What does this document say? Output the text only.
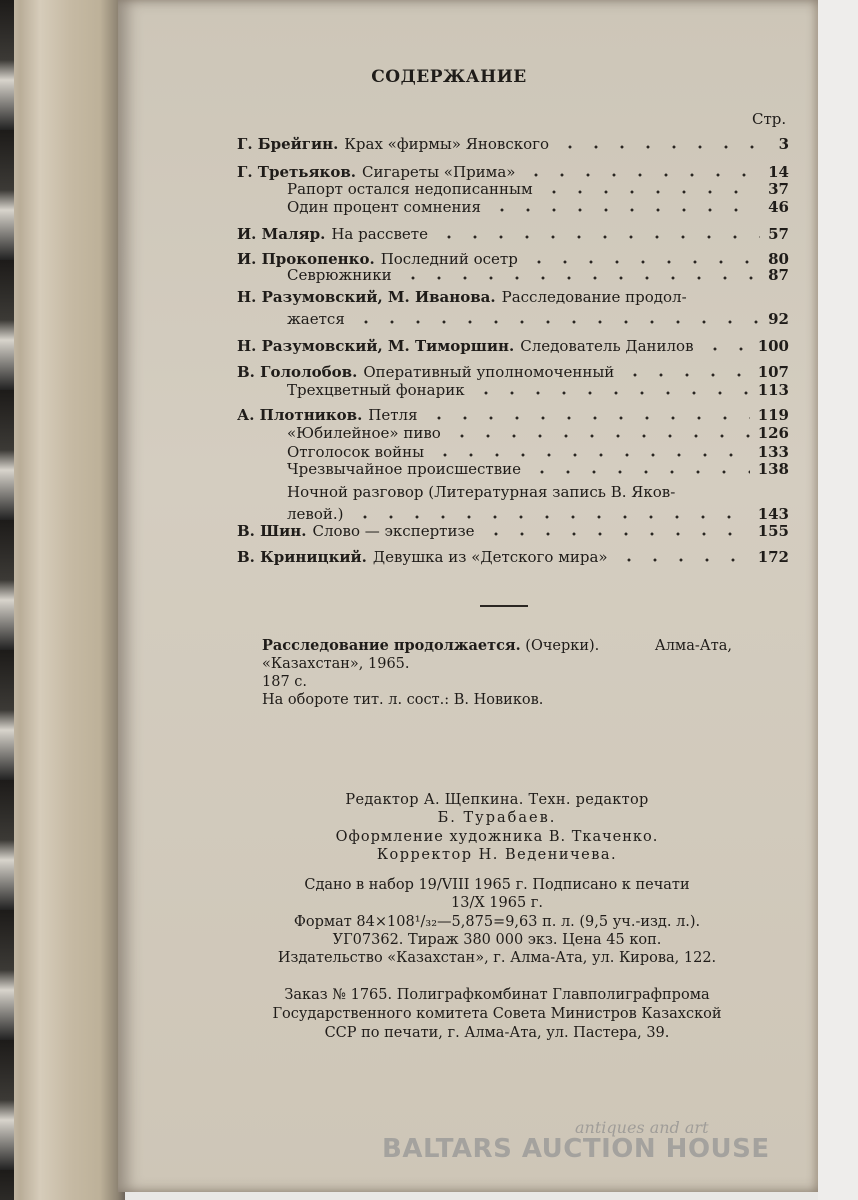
СОДЕРЖАНИЕ
Стр.
Г. Брейгин. Крах «фирмы» Яновского	3
Г. Третьяков. Сигареты «Прима»	14
Рапорт остался недописанным	37
Один процент сомнения	46
И. Маляр. На рассвете	57
И. Прокопенко. Последний осетр	80
Севрюжники	87
Н. Разумовский, М. Иванова. Расследование продол-
жается	92
Н. Разумовский, М. Тиморшин. Следователь Данилов	100
В. Гололобов. Оперативный уполномоченный	107
Трехцветный фонарик	113
А. Плотников. Петля	119
«Юбилейное» пиво	126
Отголосок войны	133
Чрезвычайное происшествие	138
Ночной разговор (Литературная запись В. Яков-
левой.)	143
В. Шин. Слово — экспертизе	155
В. Криницкий. Девушка из «Детского мира»	172
Расследование продолжается.
(Очерки).	Алма-Ата,
«Казахстан», 1965.
187 с.
На обороте тит. л. сост.: В. Новиков.
Редактор А. Щепкина. Техн. редактор
Б. Турабаев.
Оформление художника В. Ткаченко.
Корректор Н. Веденичева.
Сдано в набор 19/VIII 1965 г. Подписано к печати
13/X 1965 г.
Формат 84×108¹/₃₂—5,875=9,63 п. л. (9,5 уч.-изд. л.).
УГ07362. Тираж 380 000 экз. Цена 45 коп.
Издательство «Казахстан», г. Алма-Ата, ул. Кирова, 122.
Заказ № 1765. Полиграфкомбинат Главполиграфпрома
Государственного комитета Совета Министров Казахской
ССР по печати, г. Алма-Ата, ул. Пастера, 39.
antiques and art
BALTARS AUCTION HOUSE
